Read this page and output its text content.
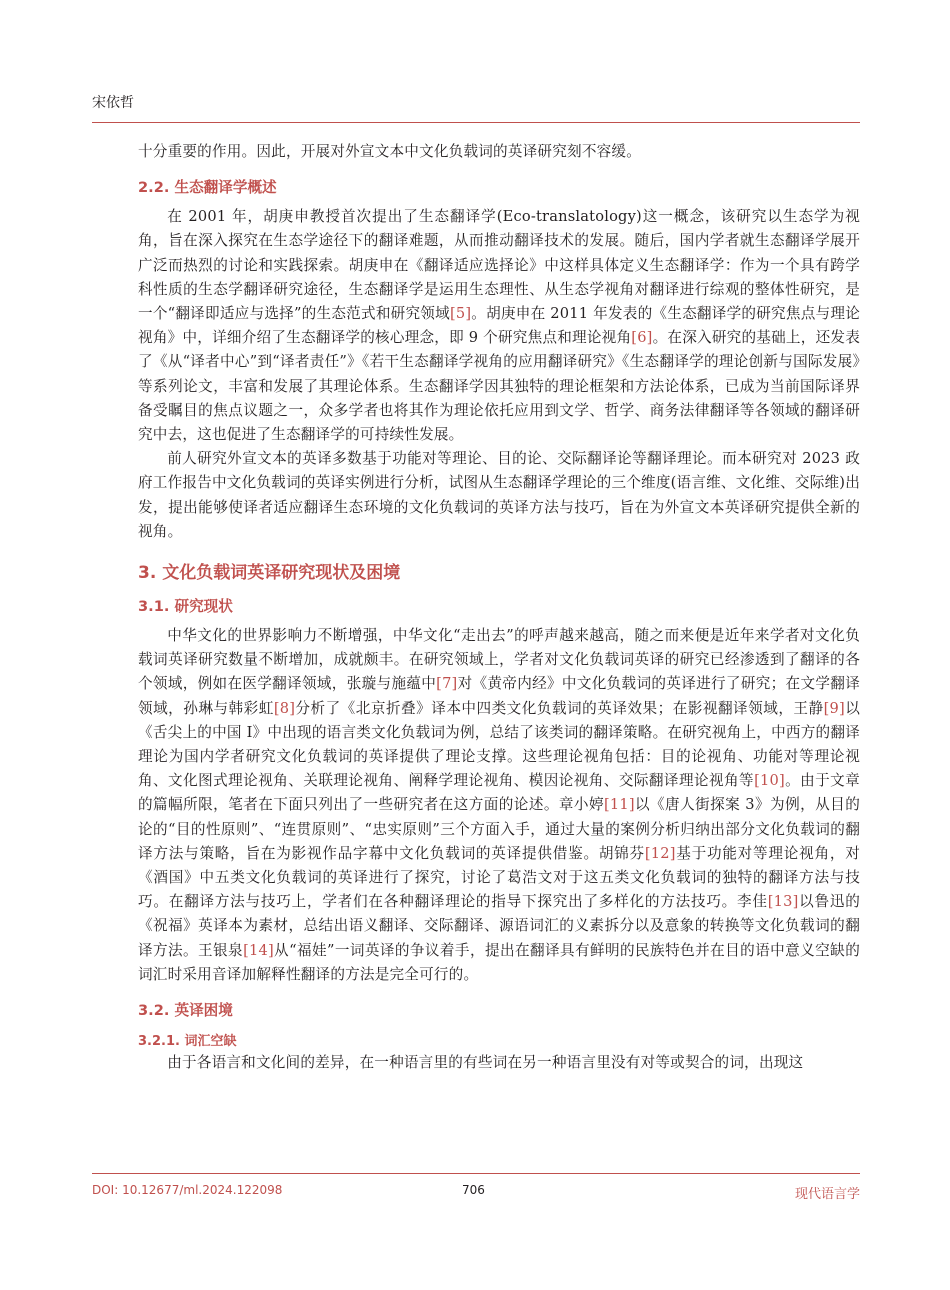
宋依哲

十分重要的作用。因此，开展对外宣文本中文化负载词的英译研究刻不容缓。

2.2. 生态翻译学概述

在 2001 年，胡庚申教授首次提出了生态翻译学(Eco-translatology)这一概念，该研究以生态学为视角，旨在深入探究在生态学途径下的翻译难题，从而推动翻译技术的发展。随后，国内学者就生态翻译学展开广泛而热烈的讨论和实践探索。胡庚申在《翻译适应选择论》中这样具体定义生态翻译学：作为一个具有跨学科性质的生态学翻译研究途径，生态翻译学是运用生态理性、从生态学视角对翻译进行综观的整体性研究，是一个“翻译即适应与选择”的生态范式和研究领域[5]。胡庚申在 2011 年发表的《生态翻译学的研究焦点与理论视角》中，详细介绍了生态翻译学的核心理念，即 9 个研究焦点和理论视角[6]。在深入研究的基础上，还发表了《从“译者中心”到“译者责任”》《若干生态翻译学视角的应用翻译研究》《生态翻译学的理论创新与国际发展》等系列论文，丰富和发展了其理论体系。生态翻译学因其独特的理论框架和方法论体系，已成为当前国际译界备受瞩目的焦点议题之一，众多学者也将其作为理论依托应用到文学、哲学、商务法律翻译等各领域的翻译研究中去，这也促进了生态翻译学的可持续性发展。

前人研究外宣文本的英译多数基于功能对等理论、目的论、交际翻译论等翻译理论。而本研究对 2023 政府工作报告中文化负载词的英译实例进行分析，试图从生态翻译学理论的三个维度(语言维、文化维、交际维)出发，提出能够使译者适应翻译生态环境的文化负载词的英译方法与技巧，旨在为外宣文本英译研究提供全新的视角。

3. 文化负载词英译研究现状及困境
3.1. 研究现状

中华文化的世界影响力不断增强，中华文化“走出去”的呼声越来越高，随之而来便是近年来学者对文化负载词英译研究数量不断增加，成就颇丰。在研究领域上，学者对文化负载词英译的研究已经渗透到了翻译的各个领域，例如在医学翻译领域，张璇与施蕴中[7]对《黄帝内经》中文化负载词的英译进行了研究；在文学翻译领域，孙琳与韩彩虹[8]分析了《北京折叠》译本中四类文化负载词的英译效果；在影视翻译领域，王静[9]以《舌尖上的中国 I》中出现的语言类文化负载词为例，总结了该类词的翻译策略。在研究视角上，中西方的翻译理论为国内学者研究文化负载词的英译提供了理论支撑。这些理论视角包括：目的论视角、功能对等理论视角、文化图式理论视角、关联理论视角、阐释学理论视角、模因论视角、交际翻译理论视角等[10]。由于文章的篇幅所限，笔者在下面只列出了一些研究者在这方面的论述。章小婷[11]以《唐人街探案 3》为例，从目的论的“目的性原则”、“连贯原则”、“忠实原则”三个方面入手，通过大量的案例分析归纳出部分文化负载词的翻译方法与策略，旨在为影视作品字幕中文化负载词的英译提供借鉴。胡锦芬[12]基于功能对等理论视角，对《酒国》中五类文化负载词的英译进行了探究，讨论了葛浩文对于这五类文化负载词的独特的翻译方法与技巧。在翻译方法与技巧上，学者们在各种翻译理论的指导下探究出了多样化的方法技巧。李佳[13]以鲁迅的《祝福》英译本为素材，总结出语义翻译、交际翻译、源语词汇的义素拆分以及意象的转换等文化负载词的翻译方法。王银泉[14]从“福娃”一词英译的争议着手，提出在翻译具有鲜明的民族特色并在目的语中意义空缺的词汇时采用音译加解释性翻译的方法是完全可行的。

3.2. 英译困境
3.2.1. 词汇空缺

由于各语言和文化间的差异，在一种语言里的有些词在另一种语言里没有对等或契合的词，出现这

DOI: 10.12677/ml.2024.122098	706	现代语言学
